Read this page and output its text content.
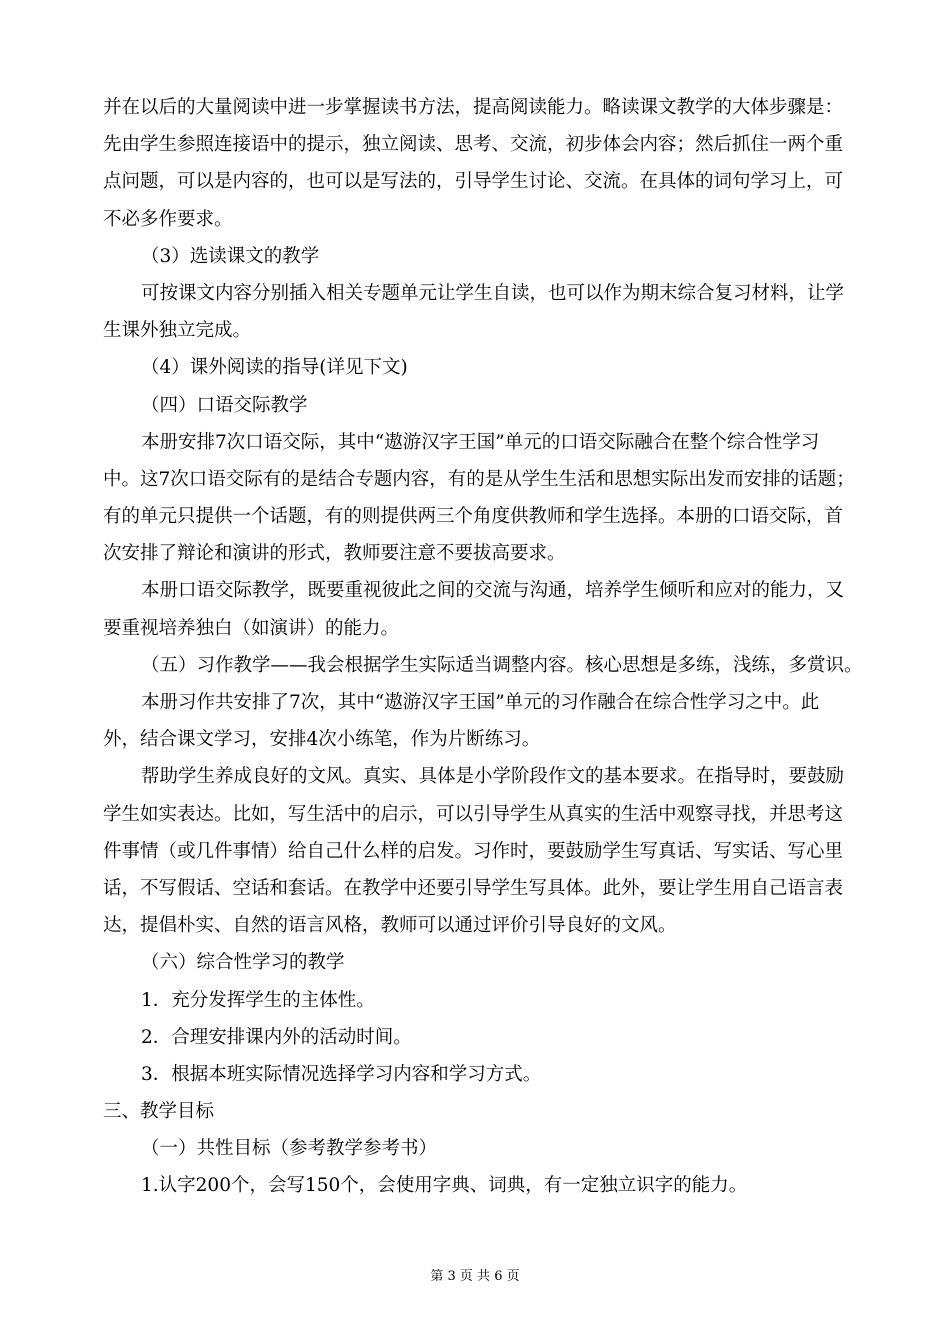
并在以后的大量阅读中进一步掌握读书方法，提高阅读能力。略读课文教学的大体步骤是：
先由学生参照连接语中的提示，独立阅读、思考、交流，初步体会内容；然后抓住一两个重
点问题，可以是内容的，也可以是写法的，引导学生讨论、交流。在具体的词句学习上，可
不必多作要求。
（3）选读课文的教学
可按课文内容分别插入相关专题单元让学生自读，也可以作为期末综合复习材料，让学
生课外独立完成。
（4）课外阅读的指导(详见下文)
（四）口语交际教学
本册安排7次口语交际，其中“遨游汉字王国”单元的口语交际融合在整个综合性学习
中。这7次口语交际有的是结合专题内容，有的是从学生生活和思想实际出发而安排的话题；
有的单元只提供一个话题，有的则提供两三个角度供教师和学生选择。本册的口语交际，首
次安排了辩论和演讲的形式，教师要注意不要拔高要求。
本册口语交际教学，既要重视彼此之间的交流与沟通，培养学生倾听和应对的能力，又
要重视培养独白（如演讲）的能力。
（五）习作教学——我会根据学生实际适当调整内容。核心思想是多练，浅练，多赏识。
本册习作共安排了7次，其中“遨游汉字王国”单元的习作融合在综合性学习之中。此
外，结合课文学习，安排4次小练笔，作为片断练习。
帮助学生养成良好的文风。真实、具体是小学阶段作文的基本要求。在指导时，要鼓励
学生如实表达。比如，写生活中的启示，可以引导学生从真实的生活中观察寻找，并思考这
件事情（或几件事情）给自己什么样的启发。习作时，要鼓励学生写真话、写实话、写心里
话，不写假话、空话和套话。在教学中还要引导学生写具体。此外，要让学生用自己语言表
达，提倡朴实、自然的语言风格，教师可以通过评价引导良好的文风。
（六）综合性学习的教学
1．充分发挥学生的主体性。
2．合理安排课内外的活动时间。
3．根据本班实际情况选择学习内容和学习方式。
三、教学目标
（一）共性目标（参考教学参考书）
1.认字200个，会写150个，会使用字典、词典，有一定独立识字的能力。
第 3 页 共 6 页
